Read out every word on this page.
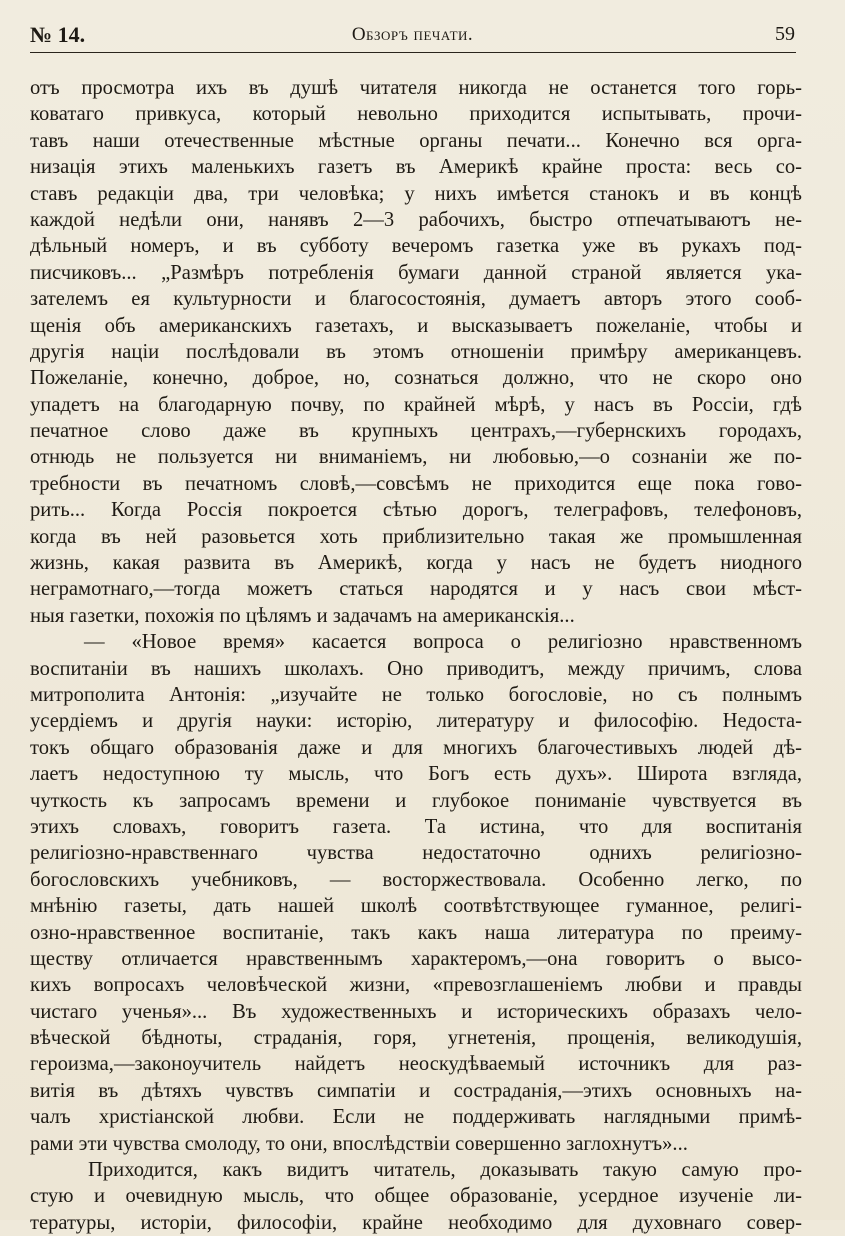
№ 14.	Обзоръ печати.	59
отъ просмотра ихъ въ душѣ читателя никогда не останется того горь-
коватаго привкуса, который невольно приходится испытывать, прочи-
тавъ наши отечественные мѣстные органы печати... Конечно вся орга-
низація этихъ маленькихъ газетъ въ Америкѣ крайне проста: весь со-
ставъ редакціи два, три человѣка; у нихъ имѣется станокъ и въ концѣ
каждой недѣли они, нанявъ 2—3 рабочихъ, быстро отпечатываютъ не-
дѣльный номеръ, и въ субботу вечеромъ газетка уже въ рукахъ под-
писчиковъ... „Размѣръ потребленія бумаги данной страной является ука-
зателемъ ея культурности и благосостоянія, думаетъ авторъ этого сооб-
щенія объ американскихъ газетахъ, и высказываетъ пожеланіе, чтобы и
другія націи послѣдовали въ этомъ отношеніи примѣру американцевъ.
Пожеланіе, конечно, доброе, но, сознаться должно, что не скоро оно
упадетъ на благодарную почву, по крайней мѣрѣ, у насъ въ Россіи, гдѣ
печатное слово даже въ крупныхъ центрахъ,—губернскихъ городахъ,
отнюдь не пользуется ни вниманіемъ, ни любовью,—о сознаніи же по-
требности въ печатномъ словѣ,—совсѣмъ не приходится еще пока гово-
рить... Когда Россія покроется сѣтью дорогъ, телеграфовъ, телефоновъ,
когда въ ней разовьется хоть приблизительно такая же промышленная
жизнь, какая развита въ Америкѣ, когда у насъ не будетъ ниодного
неграмотнаго,—тогда можетъ статься народятся и у насъ свои мѣст-
ныя газетки, похожія по цѣлямъ и задачамъ на американскія...
— «Новое время» касается вопроса о религіозно нравственномъ
воспитаніи въ нашихъ школахъ. Оно приводитъ, между причимъ, слова
митрополита Антонія: „изучайте не только богословіе, но съ полнымъ
усердіемъ и другія науки: исторію, литературу и философію. Недоста-
токъ общаго образованія даже и для многихъ благочестивыхъ людей дѣ-
лаетъ недоступною ту мысль, что Богъ есть духъ». Широта взгляда,
чуткость къ запросамъ времени и глубокое пониманіе чувствуется въ
этихъ словахъ, говоритъ газета. Та истина, что для воспитанія
религіозно-нравственнаго чувства недостаточно однихъ религіозно-
богословскихъ учебниковъ, — восторжествовала. Особенно легко, по
мнѣнію газеты, дать нашей школѣ соотвѣтствующее гуманное, религі-
озно-нравственное воспитаніе, такъ какъ наша литература по преиму-
ществу отличается нравственнымъ характеромъ,—она говоритъ о высо-
кихъ вопросахъ человѣческой жизни, «превозглашеніемъ любви и правды
чистаго ученья»... Въ художественныхъ и историческихъ образахъ чело-
вѣческой бѣдноты, страданія, горя, угнетенія, прощенія, великодушія,
героизма,—законоучитель найдетъ неоскудѣваемый источникъ для раз-
витія въ дѣтяхъ чувствъ симпатіи и состраданія,—этихъ основныхъ на-
чалъ христіанской любви. Если не поддерживать наглядными примѣ-
рами эти чувства смолоду, то они, впослѣдствіи совершенно заглохнутъ»...
Приходится, какъ видитъ читатель, доказывать такую самую про-
стую и очевидную мысль, что общее образованіе, усердное изученіе ли-
тературы, исторіи, философіи, крайне необходимо для духовнаго совер-
